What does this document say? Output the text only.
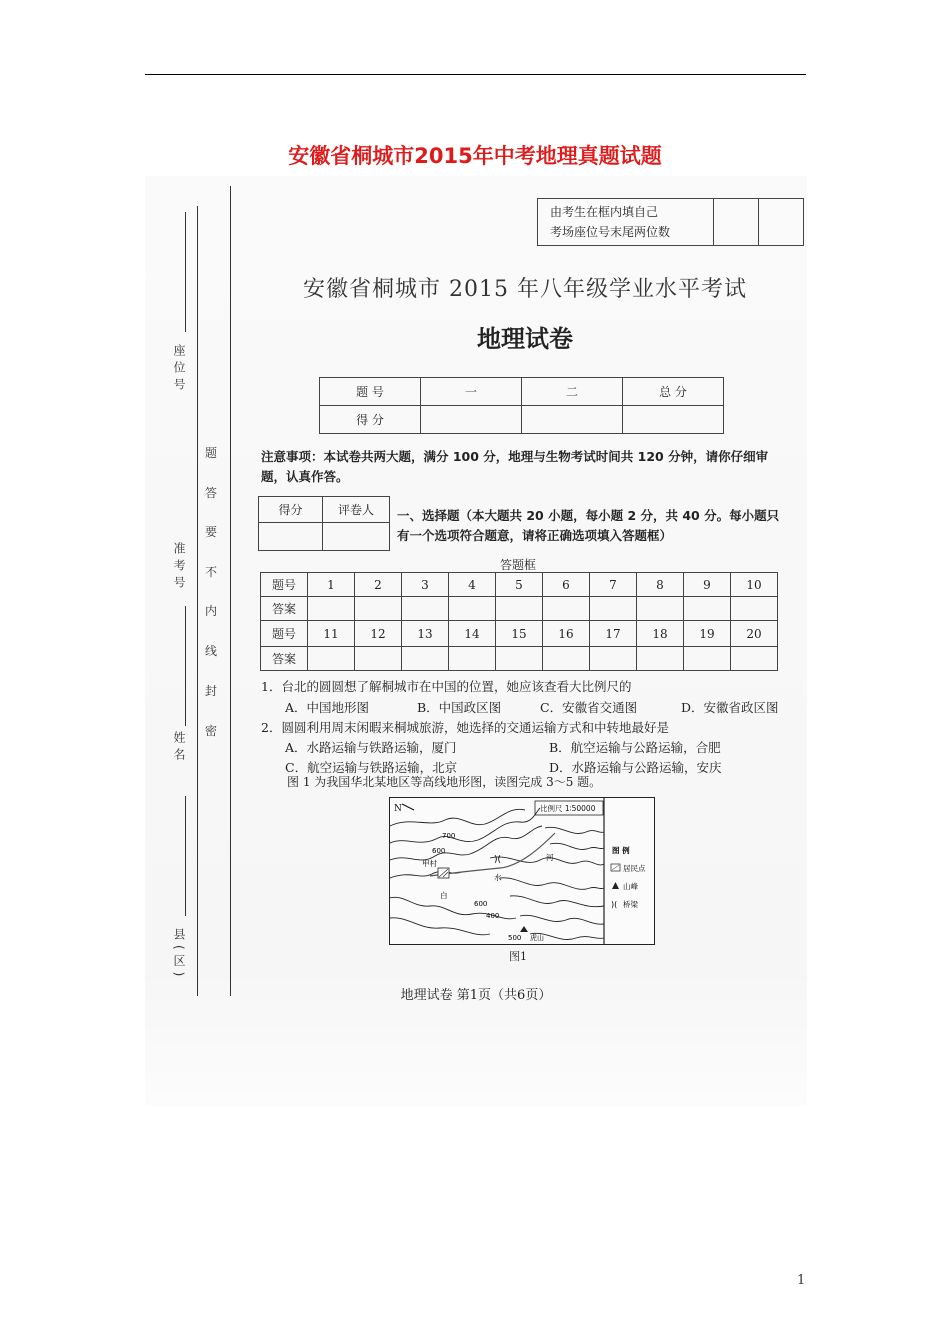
安徽省桐城市2015年中考地理真题试题
座位号
准考号
姓名
县(区)
题
答
要
不
内
线
封
密
由考生在框内填自己
考场座位号末尾两位数

安徽省桐城市 2015 年八年级学业水平考试
地理试卷
题 号	一	二	总 分
得 分			
注意事项：本试卷共两大题，满分 100 分，地理与生物考试时间共 120 分钟，请你仔细审题，认真作答。
得分	评卷人
	一、选择题（本大题共 20 小题，每小题 2 分，共 40 分。每小题只有一个选项符合题意，请将正确选项填入答题框）
答题框
题号	1	2	3	4	5	6	7	8	9	10
答案										
题号	11	12	13	14	15	16	17	18	19	20
答案										
1．台北的圆圆想了解桐城市在中国的位置，她应该查看大比例尺的
A．中国地形图	B．中国政区图	C．安徽省交通图	D．安徽省政区图
2．圆圆利用周末闲暇来桐城旅游，她选择的交通运输方式和中转地最好是
A．水路运输与铁路运输，厦门	B．航空运输与公路运输，合肥
C．航空运输与铁路运输，北京	D．水路运输与公路运输，安庆
图 1 为我国华北某地区等高线地形图，读图完成 3～5 题。
比例尺 1∶50000
N
甲村
河
水
白
700
600
400
500
600
虎山
)(
图 例
居民点
山峰
)( 桥梁
图1
地理试卷 第1页（共6页）
1
